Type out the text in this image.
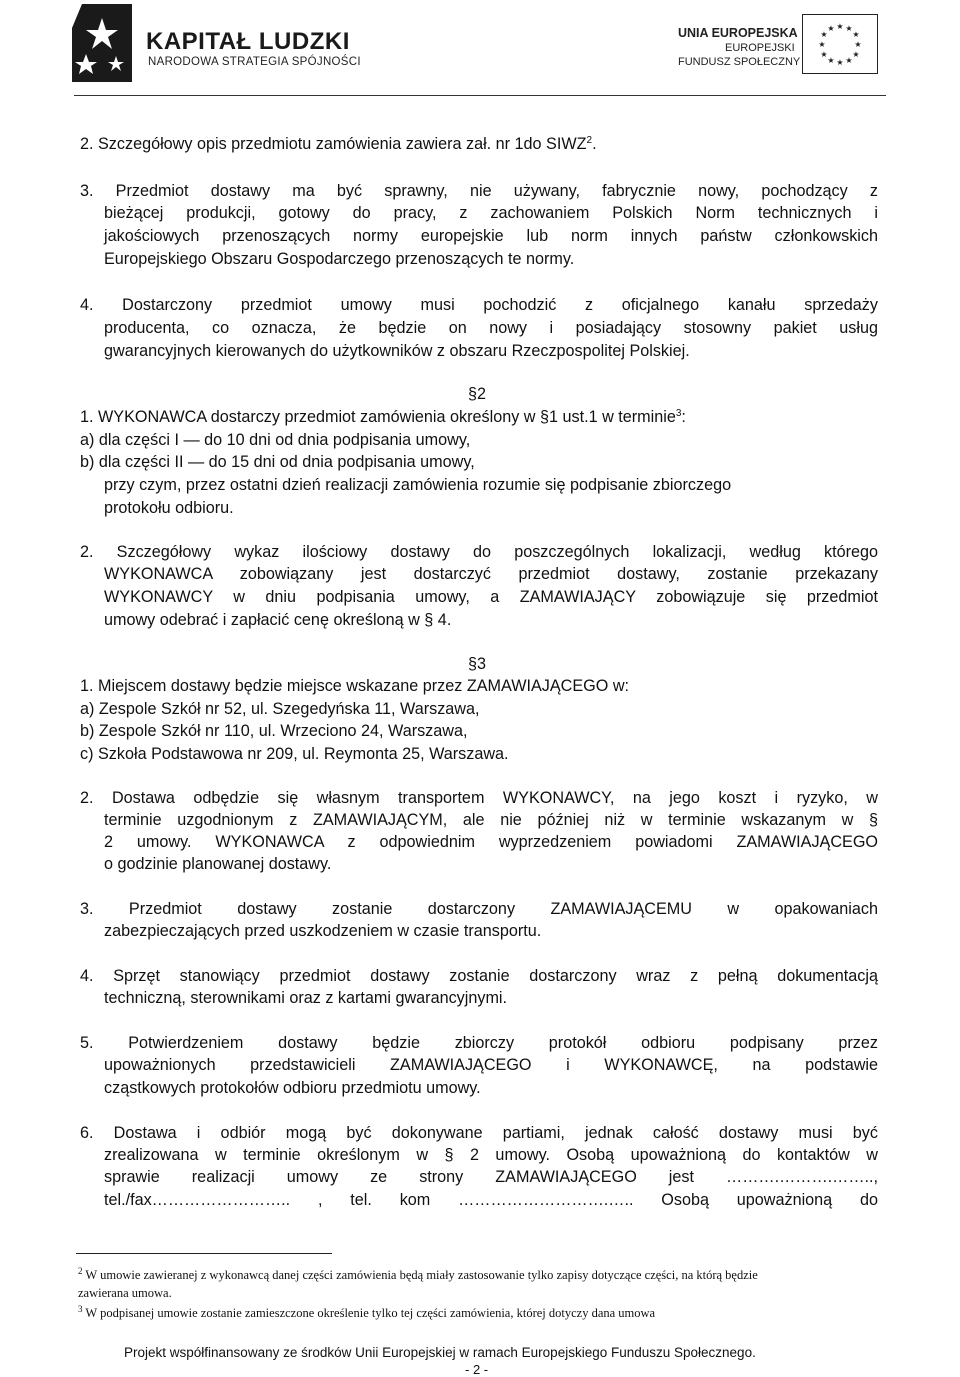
KAPITAŁ LUDZKI
NARODOWA STRATEGIA SPÓJNOŚCI
UNIA EUROPEJSKA
EUROPEJSKI
FUNDUSZ SPOŁECZNY
★ ★
★
★
★
★
★
★
★
★
★
★
2. Szczegółowy opis przedmiotu zamówienia zawiera zał. nr 1do SIWZ$^2$.
3. Przedmiot dostawy ma być sprawny, nie używany, fabrycznie nowy, pochodzący z
bieżącej produkcji, gotowy do pracy, z zachowaniem Polskich Norm technicznych i
jakościowych przenoszących normy europejskie lub norm innych państw członkowskich
Europejskiego Obszaru Gospodarczego przenoszących te normy.
4. Dostarczony przedmiot umowy musi pochodzić z oficjalnego kanału sprzedaży
producenta, co oznacza, że będzie on nowy i posiadający stosowny pakiet usług
gwarancyjnych kierowanych do użytkowników z obszaru Rzeczpospolitej Polskiej.
§2
1. WYKONAWCA dostarczy przedmiot zamówienia określony w §1 ust.1 w terminie$^3$:
a) dla części I — do 10 dni od dnia podpisania umowy,
b) dla części II — do 15 dni od dnia podpisania umowy,
przy czym, przez ostatni dzień realizacji zamówienia rozumie się podpisanie zbiorczego
protokołu odbioru.
2. Szczegółowy wykaz ilościowy dostawy do poszczególnych lokalizacji, według którego
WYKONAWCA zobowiązany jest dostarczyć przedmiot dostawy, zostanie przekazany
WYKONAWCY w dniu podpisania umowy, a ZAMAWIAJĄCY zobowiązuje się przedmiot
umowy odebrać i zapłacić cenę określoną w § 4.
§3
1. Miejscem dostawy będzie miejsce wskazane przez ZAMAWIAJĄCEGO w:
a) Zespole Szkół nr 52, ul. Szegedyńska 11, Warszawa,
b) Zespole Szkół nr 110, ul. Wrzeciono 24, Warszawa,
c) Szkoła Podstawowa nr 209, ul. Reymonta 25, Warszawa.
2. Dostawa odbędzie się własnym transportem WYKONAWCY, na jego koszt i ryzyko, w
terminie uzgodnionym z ZAMAWIAJĄCYM, ale nie później niż w terminie wskazanym w §
2 umowy. WYKONAWCA z odpowiednim wyprzedzeniem powiadomi ZAMAWIAJĄCEGO
o godzinie planowanej dostawy.
3. Przedmiot dostawy zostanie dostarczony ZAMAWIAJĄCEMU w opakowaniach
zabezpieczających przed uszkodzeniem w czasie transportu.
4. Sprzęt stanowiący przedmiot dostawy zostanie dostarczony wraz z pełną dokumentacją
techniczną, sterownikami oraz z kartami gwarancyjnymi.
5. Potwierdzeniem dostawy będzie zbiorczy protokół odbioru podpisany przez
upoważnionych przedstawicieli ZAMAWIAJĄCEGO i WYKONAWCĘ, na podstawie
cząstkowych protokołów odbioru przedmiotu umowy.
6. Dostawa i odbiór mogą być dokonywane partiami, jednak całość dostawy musi być
zrealizowana w terminie określonym w § 2 umowy. Osobą upoważnioną do kontaktów w
sprawie realizacji umowy ze strony ZAMAWIAJĄCEGO jest ……….……….……..,
tel./fax…………………….. , tel. kom ……………………….….. Osobą upoważnioną do
$^2$ W umowie zawieranej z wykonawcą danej części zamówienia będą miały zastosowanie tylko zapisy dotyczące części, na którą będzie
zawierana umowa.
$^3$ W podpisanej umowie zostanie zamieszczone określenie tylko tej części zamówienia, której dotyczy dana umowa
Projekt współfinansowany ze środków Unii Europejskiej w ramach Europejskiego Funduszu Społecznego.
- 2 -
